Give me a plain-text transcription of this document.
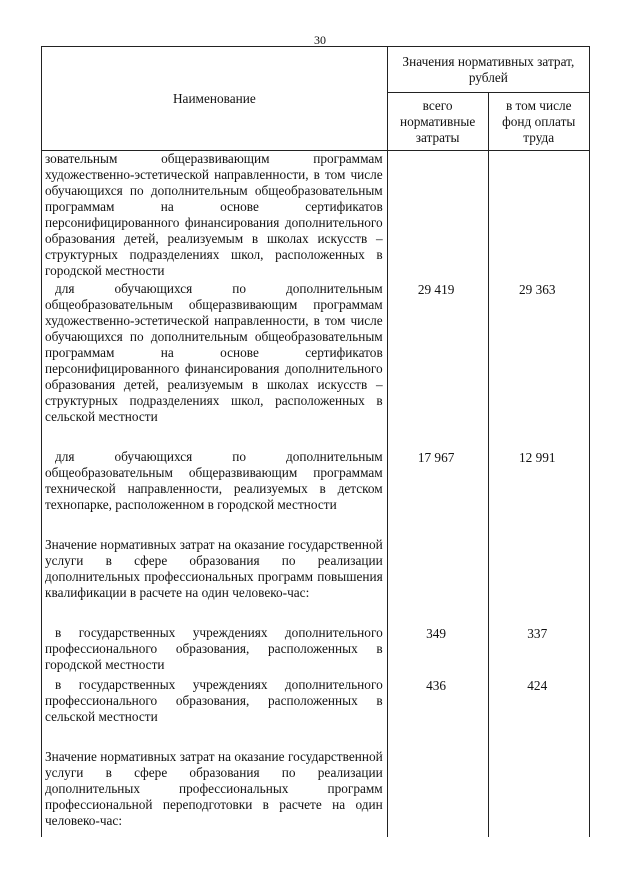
30
Наименование	Значения нормативных затрат, рублей	
	всего нормативные затраты	в том числе фонд оплаты труда
зовательным общеразвивающим программам художественно-эстетической направленности, в том числе обучающихся по дополнительным общеобразовательным программам на основе сертификатов персонифицированного финансирования дополнительного образования детей, реализуемым в школах искусств – структурных подразделениях школ, расположенных в городской местности		
для обучающихся по дополнительным общеобразовательным общеразвивающим программам художественно-эстетической направленности, в том числе обучающихся по дополнительным общеобразовательным программам на основе сертификатов персонифицированного финансирования дополнительного образования детей, реализуемым в школах искусств – структурных подразделениях школ, расположенных в сельской местности	29 419	29 363
для обучающихся по дополнительным общеобразовательным общеразвивающим программам технической направленности, реализуемых в детском технопарке, расположенном в городской местности	17 967	12 991
Значение нормативных затрат на оказание государственной услуги в сфере образования по реализации дополнительных профессиональных программ повышения квалификации в расчете на один человеко-час:		
в государственных учреждениях дополнительного профессионального образования, расположенных в городской местности	349	337
в государственных учреждениях дополнительного профессионального образования, расположенных в сельской местности	436	424
Значение нормативных затрат на оказание государственной услуги в сфере образования по реализации дополнительных профессиональных программ профессиональной переподготовки в расчете на один человеко-час:		
